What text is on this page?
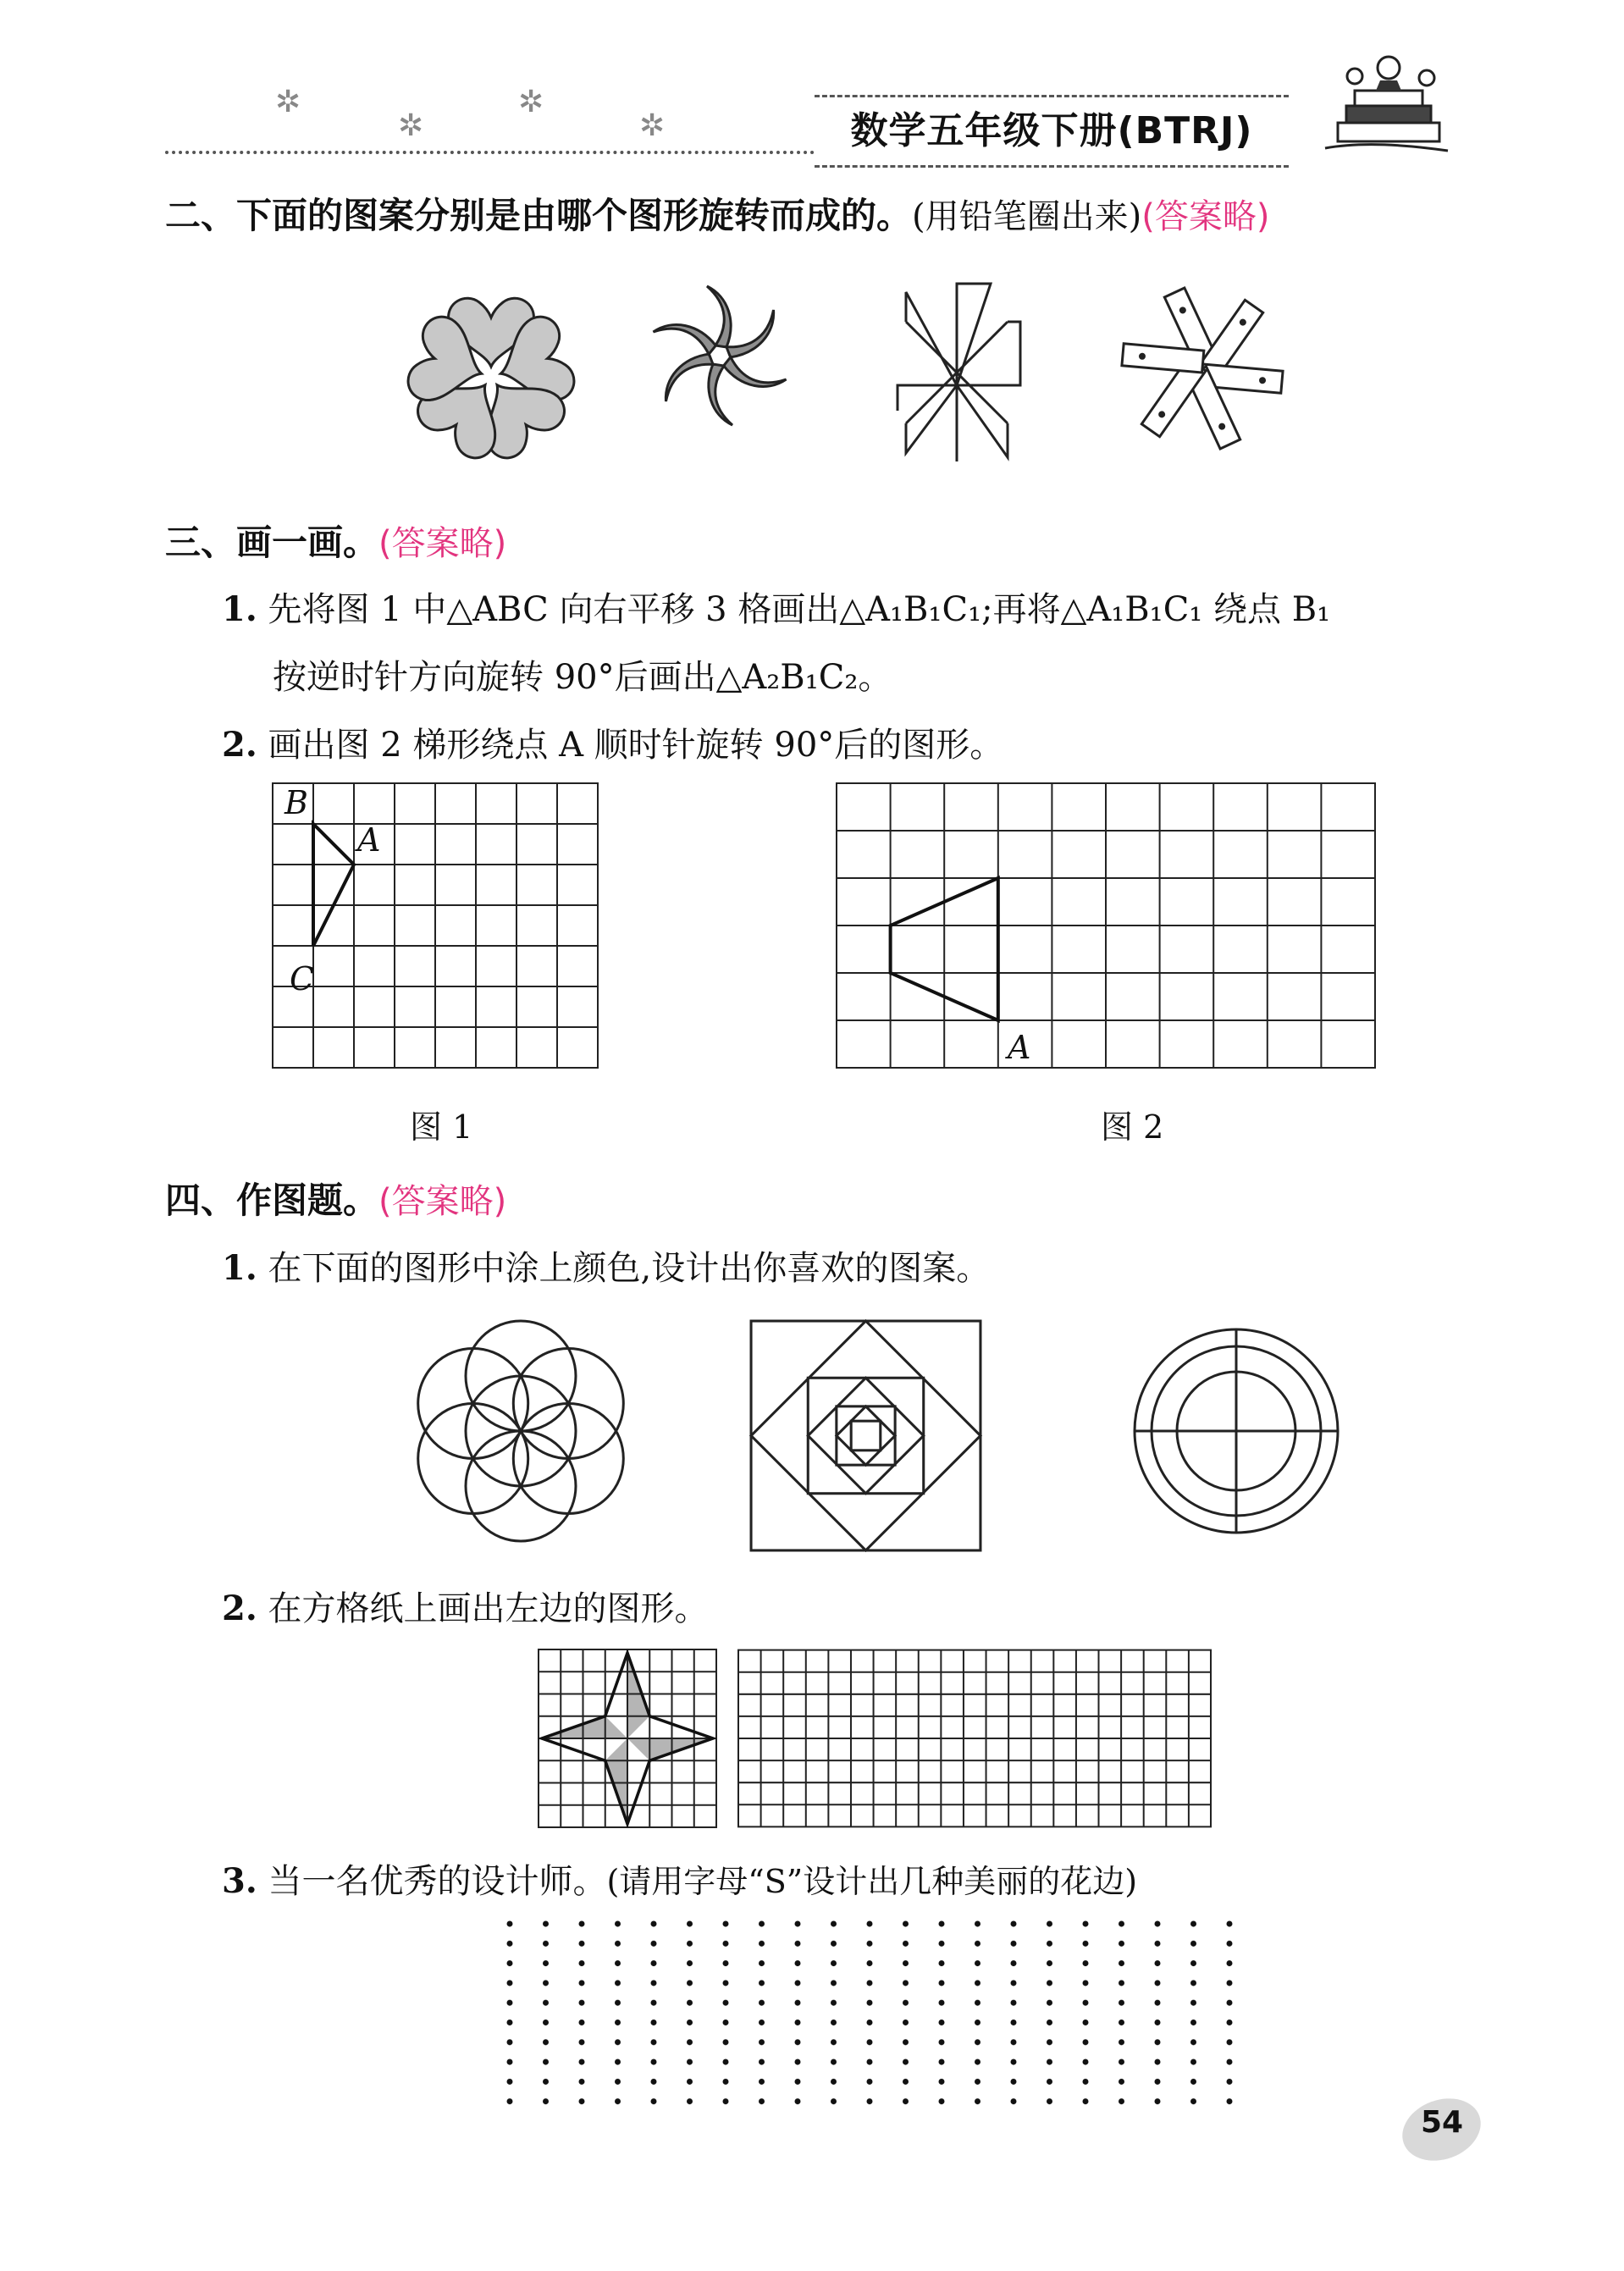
✲
✲
✲
✲	数学五年级下册(BTRJ)
二、下面的图案分别是由哪个图形旋转而成的。(用铅笔圈出来)(答案略)
三、画一画。(答案略)
1. 先将图 1 中△ABC 向右平移 3 格画出△A₁B₁C₁;再将△A₁B₁C₁ 绕点 B₁
按逆时针方向旋转 90°后画出△A₂B₁C₂。
2. 画出图 2 梯形绕点 A 顺时针旋转 90°后的图形。
B
A
C
图 1
A
图 2
四、作图题。(答案略)
1. 在下面的图形中涂上颜色,设计出你喜欢的图案。
2. 在方格纸上画出左边的图形。
3. 当一名优秀的设计师。(请用字母“S”设计出几种美丽的花边)
54
